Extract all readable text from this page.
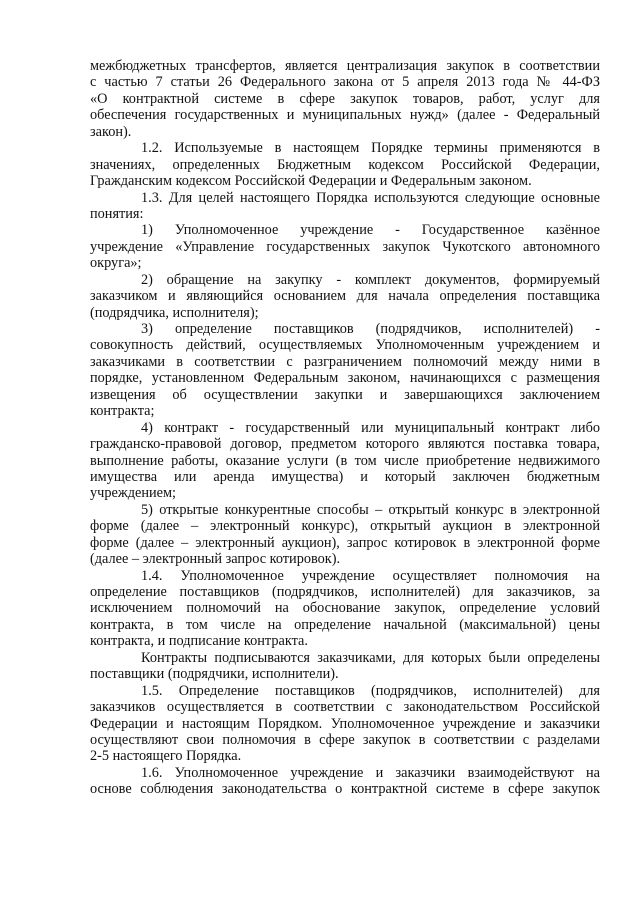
межбюджетных трансфертов, является централизация закупок в соответствии
с частью 7 статьи 26 Федерального закона от 5 апреля 2013 года № 44-ФЗ
«О контрактной системе в сфере закупок товаров, работ, услуг для
обеспечения государственных и муниципальных нужд» (далее - Федеральный
закон).
1.2. Используемые в настоящем Порядке термины применяются в
значениях, определенных Бюджетным кодексом Российской Федерации,
Гражданским кодексом Российской Федерации и Федеральным законом.
1.3. Для целей настоящего Порядка используются следующие основные
понятия:
1) Уполномоченное учреждение - Государственное казённое
учреждение «Управление государственных закупок Чукотского автономного
округа»;
2) обращение на закупку - комплект документов, формируемый
заказчиком и являющийся основанием для начала определения поставщика
(подрядчика, исполнителя);
3) определение поставщиков (подрядчиков, исполнителей) -
совокупность действий, осуществляемых Уполномоченным учреждением и
заказчиками в соответствии с разграничением полномочий между ними в
порядке, установленном Федеральным законом, начинающихся с размещения
извещения об осуществлении закупки и завершающихся заключением
контракта;
4) контракт - государственный или муниципальный контракт либо
гражданско-правовой договор, предметом которого являются поставка товара,
выполнение работы, оказание услуги (в том числе приобретение недвижимого
имущества или аренда имущества) и который заключен бюджетным
учреждением;
5) открытые конкурентные способы – открытый конкурс в электронной
форме (далее – электронный конкурс), открытый аукцион в электронной
форме (далее – электронный аукцион), запрос котировок в электронной форме
(далее – электронный запрос котировок).
1.4. Уполномоченное учреждение осуществляет полномочия на
определение поставщиков (подрядчиков, исполнителей) для заказчиков, за
исключением полномочий на обоснование закупок, определение условий
контракта, в том числе на определение начальной (максимальной) цены
контракта, и подписание контракта.
Контракты подписываются заказчиками, для которых были определены
поставщики (подрядчики, исполнители).
1.5. Определение поставщиков (подрядчиков, исполнителей) для
заказчиков осуществляется в соответствии с законодательством Российской
Федерации и настоящим Порядком. Уполномоченное учреждение и заказчики
осуществляют свои полномочия в сфере закупок в соответствии с разделами
2-5 настоящего Порядка.
1.6. Уполномоченное учреждение и заказчики взаимодействуют на
основе соблюдения законодательства о контрактной системе в сфере закупок
